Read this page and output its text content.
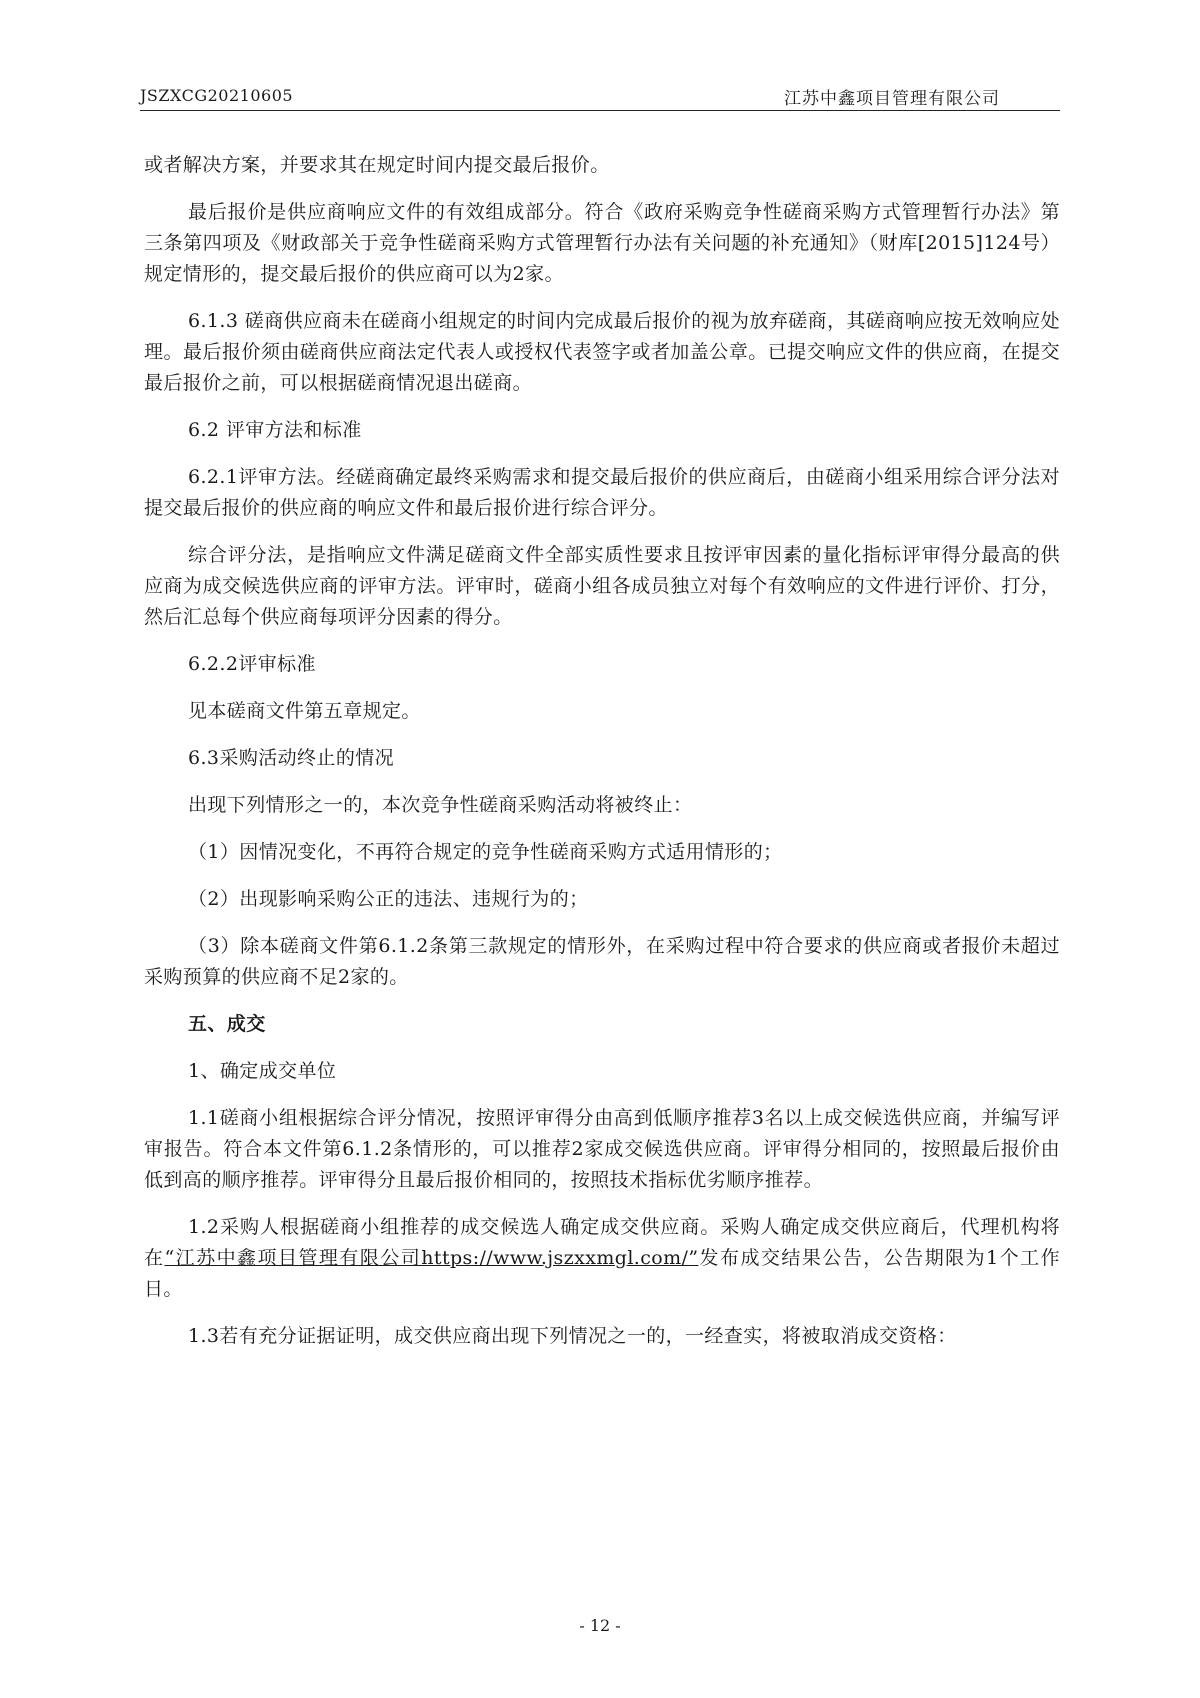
JSZXCG20210605	江苏中鑫项目管理有限公司

或者解决方案，并要求其在规定时间内提交最后报价。

最后报价是供应商响应文件的有效组成部分。符合《政府采购竞争性磋商采购方式管理暂行办法》第三条第四项及《财政部关于竞争性磋商采购方式管理暂行办法有关问题的补充通知》（财库[2015]124号）规定情形的，提交最后报价的供应商可以为2家。

6.1.3 磋商供应商未在磋商小组规定的时间内完成最后报价的视为放弃磋商，其磋商响应按无效响应处理。最后报价须由磋商供应商法定代表人或授权代表签字或者加盖公章。已提交响应文件的供应商，在提交最后报价之前，可以根据磋商情况退出磋商。

6.2 评审方法和标准

6.2.1评审方法。经磋商确定最终采购需求和提交最后报价的供应商后，由磋商小组采用综合评分法对提交最后报价的供应商的响应文件和最后报价进行综合评分。

综合评分法，是指响应文件满足磋商文件全部实质性要求且按评审因素的量化指标评审得分最高的供应商为成交候选供应商的评审方法。评审时，磋商小组各成员独立对每个有效响应的文件进行评价、打分，然后汇总每个供应商每项评分因素的得分。

6.2.2评审标准

见本磋商文件第五章规定。

6.3采购活动终止的情况

出现下列情形之一的，本次竞争性磋商采购活动将被终止：

（1）因情况变化，不再符合规定的竞争性磋商采购方式适用情形的；

（2）出现影响采购公正的违法、违规行为的；

（3）除本磋商文件第6.1.2条第三款规定的情形外，在采购过程中符合要求的供应商或者报价未超过采购预算的供应商不足2家的。

五、成交

1、确定成交单位

1.1磋商小组根据综合评分情况，按照评审得分由高到低顺序推荐3名以上成交候选供应商，并编写评审报告。符合本文件第6.1.2条情形的，可以推荐2家成交候选供应商。评审得分相同的，按照最后报价由低到高的顺序推荐。评审得分且最后报价相同的，按照技术指标优劣顺序推荐。

1.2采购人根据磋商小组推荐的成交候选人确定成交供应商。采购人确定成交供应商后，代理机构将在“江苏中鑫项目管理有限公司https://www.jszxxmgl.com/”发布成交结果公告，公告期限为1个工作日。

1.3若有充分证据证明，成交供应商出现下列情况之一的，一经查实，将被取消成交资格：

- 12 -
